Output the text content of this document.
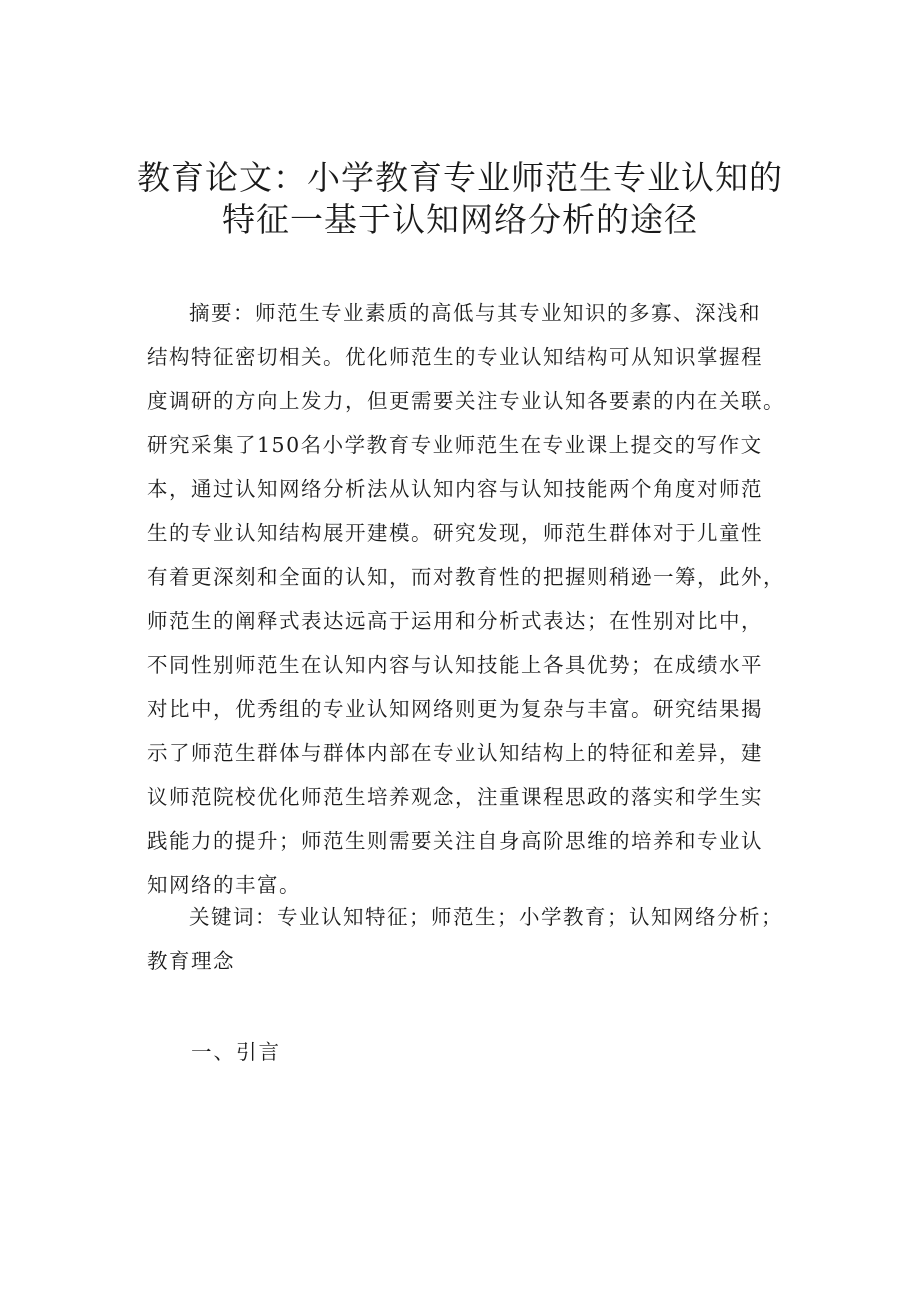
教育论文：小学教育专业师范生专业认知的
特征一基于认知网络分析的途径
摘要：师范生专业素质的高低与其专业知识的多寡、深浅和
结构特征密切相关。优化师范生的专业认知结构可从知识掌握程
度调研的方向上发力，但更需要关注专业认知各要素的内在关联。
研究采集了150名小学教育专业师范生在专业课上提交的写作文
本，通过认知网络分析法从认知内容与认知技能两个角度对师范
生的专业认知结构展开建模。研究发现，师范生群体对于儿童性
有着更深刻和全面的认知，而对教育性的把握则稍逊一筹，此外，
师范生的阐释式表达远高于运用和分析式表达；在性别对比中，
不同性别师范生在认知内容与认知技能上各具优势；在成绩水平
对比中，优秀组的专业认知网络则更为复杂与丰富。研究结果揭
示了师范生群体与群体内部在专业认知结构上的特征和差异，建
议师范院校优化师范生培养观念，注重课程思政的落实和学生实
践能力的提升；师范生则需要关注自身高阶思维的培养和专业认
知网络的丰富。
关键词：专业认知特征；师范生；小学教育；认知网络分析；
教育理念
一、引言
